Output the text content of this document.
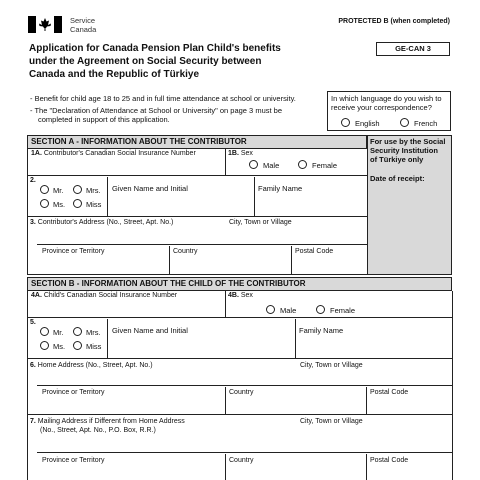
Service
Canada
PROTECTED B (when completed)
GE-CAN 3
Application for Canada Pension Plan Child's benefits
under the Agreement on Social Security between
Canada and the Republic of Türkiye
- Benefit for child age 18 to 25 and in full time attendance at school or university.
- The "Declaration of Attendance at School or University" on page 3 must be
completed in support of this application.
In which language do you wish to
receive your correspondence?
English	French
SECTION A - INFORMATION ABOUT THE CONTRIBUTOR	For use by the Social
Security Institution
of Türkiye only
Date of receipt:
1A. Contributor's Canadian Social Insurance Number	1B. Sex
Male	Female
2.
Mr.	Mrs.
Ms.	Miss
Given Name and Initial	Family Name
3. Contributor's Address (No., Street, Apt. No.)	City, Town or Village
Province or Territory	Country	Postal Code
SECTION B - INFORMATION ABOUT THE CHILD OF THE CONTRIBUTOR
4A. Child's Canadian Social Insurance Number	4B. Sex
Male	Female
5.
Mr.	Mrs.
Ms.	Miss
Given Name and Initial	Family Name
6. Home Address (No., Street, Apt. No.)	City, Town or Village
Province or Territory	Country	Postal Code
7. Mailing Address if Different from Home Address
(No., Street, Apt. No., P.O. Box, R.R.)
City, Town or Village
Province or Territory	Country	Postal Code
